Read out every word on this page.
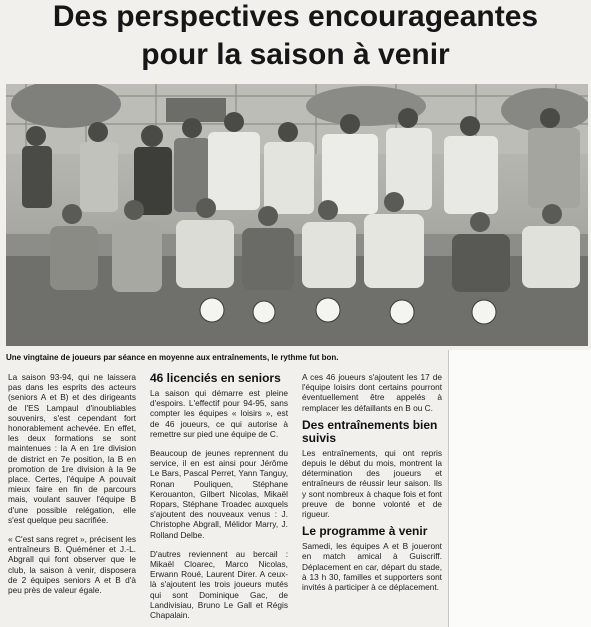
Des perspectives encourageantes
pour la saison à venir
Une vingtaine de joueurs par séance en moyenne aux entraînements, le rythme fut bon.

La saison 93-94, qui ne laissera pas dans les esprits des acteurs (seniors A et B) et des dirigeants de l'ES Lampaul d'inoubliables souvenirs, s'est cependant fort honorablement achevée. En effet, les deux formations se sont maintenues : la A en 1re division de district en 7e position, la B en promotion de 1re division à la 9e place. Certes, l'équipe A pouvait mieux faire en fin de parcours mais, voulant sauver l'équipe B d'une possible relégation, elle s'est quelque peu sacrifiée.

« C'est sans regret », précisent les entraîneurs B. Quéméner et J.-L. Abgrall qui font observer que le club, la saison à venir, disposera de 2 équipes seniors A et B d'à peu près de valeur égale.

46 licenciés en seniors

La saison qui démarre est pleine d'espoirs. L'effectif pour 94-95, sans compter les équipes « loisirs », est de 46 joueurs, ce qui autorise à remettre sur pied une équipe de C.

Beaucoup de jeunes reprennent du service, il en est ainsi pour Jérôme Le Bars, Pascal Perret, Yann Tanguy, Ronan Pouliquen, Stéphane Kerouanton, Gilbert Nicolas, Mikaël Ropars, Stéphane Troadec auxquels s'ajoutent des nouveaux venus : J. Christophe Abgrall, Mélidor Marry, J. Rolland Delbe.

D'autres reviennent au bercail : Mikaël Cloarec, Marco Nicolas, Erwann Roué, Laurent Direr. A ceux-là s'ajoutent les trois joueurs mutés qui sont Dominique Gac, de Landivisiau, Bruno Le Gall et Régis Chapalain.

A ces 46 joueurs s'ajoutent les 17 de l'équipe loisirs dont certains pourront éventuellement être appelés à remplacer les défaillants en B ou C.

Des entraînements bien suivis

Les entraînements, qui ont repris depuis le début du mois, montrent la détermination des joueurs et entraîneurs de réussir leur saison. Ils y sont nombreux à chaque fois et font preuve de bonne volonté et de rigueur.

Le programme à venir

Samedi, les équipes A et B joueront en match amical à Guiscriff. Déplacement en car, départ du stade, à 13 h 30, familles et supporters sont invités à participer à ce déplacement.
